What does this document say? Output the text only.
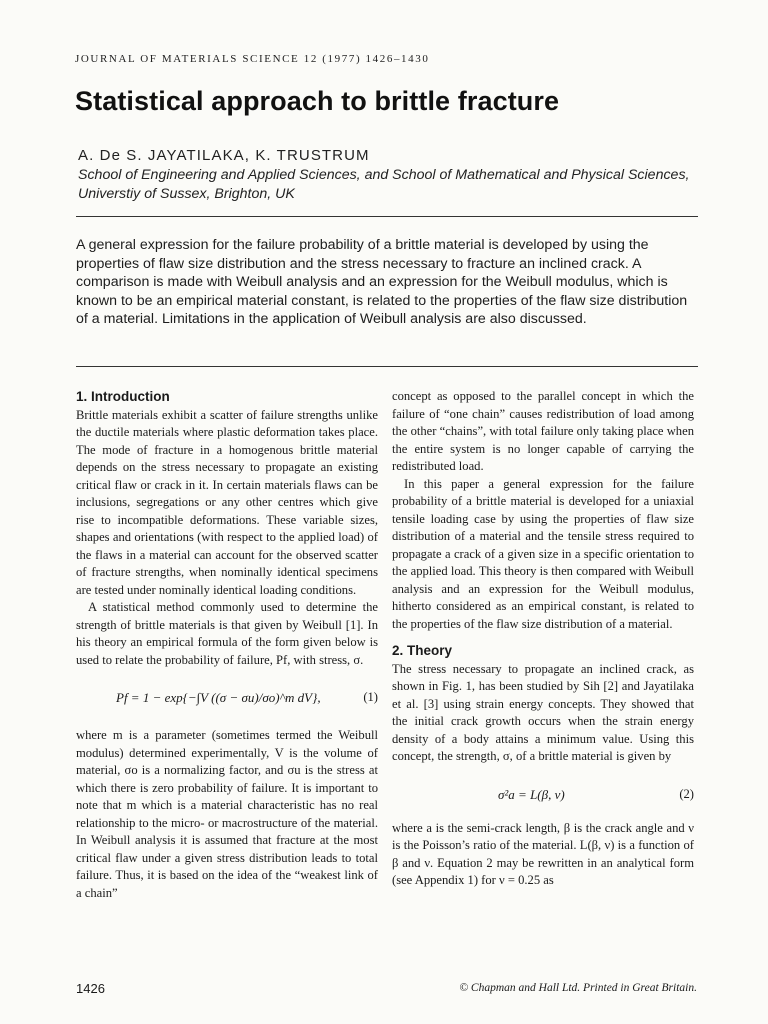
JOURNAL OF MATERIALS SCIENCE 12 (1977) 1426–1430
Statistical approach to brittle fracture
A. De S. JAYATILAKA, K. TRUSTRUM
School of Engineering and Applied Sciences, and School of Mathematical and Physical Sciences, Universtiy of Sussex, Brighton, UK
A general expression for the failure probability of a brittle material is developed by using the properties of flaw size distribution and the stress necessary to fracture an inclined crack. A comparison is made with Weibull analysis and an expression for the Weibull modulus, which is known to be an empirical material constant, is related to the properties of the flaw size distribution of a material. Limitations in the application of Weibull analysis are also discussed.
1. Introduction

Brittle materials exhibit a scatter of failure strengths unlike the ductile materials where plastic deformation takes place. The mode of fracture in a homogenous brittle material depends on the stress necessary to propagate an existing critical flaw or crack in it. In certain materials flaws can be inclusions, segregations or any other centres which give rise to incompatible deformations. These variable sizes, shapes and orientations (with respect to the applied load) of the flaws in a material can account for the observed scatter of fracture strengths, when nominally identical specimens are tested under nominally identical loading conditions.

A statistical method commonly used to determine the strength of brittle materials is that given by Weibull [1]. In his theory an empirical formula of the form given below is used to relate the probability of failure, Pf, with stress, σ.

Pf = 1 − exp{−∫V ((σ − σu)/σo)^m dV},	(1)

where m is a parameter (sometimes termed the Weibull modulus) determined experimentally, V is the volume of material, σo is a normalizing factor, and σu is the stress at which there is zero probability of failure. It is important to note that m which is a material characteristic has no real relationship to the micro- or macrostructure of the material. In Weibull analysis it is assumed that fracture at the most critical flaw under a given stress distribution leads to total failure. Thus, it is based on the idea of the “weakest link of a chain”

concept as opposed to the parallel concept in which the failure of “one chain” causes redistribution of load among the other “chains”, with total failure only taking place when the entire system is no longer capable of carrying the redistributed load.

In this paper a general expression for the failure probability of a brittle material is developed for a uniaxial tensile loading case by using the properties of flaw size distribution of a material and the tensile stress required to propagate a crack of a given size in a specific orientation to the applied load. This theory is then compared with Weibull analysis and an expression for the Weibull modulus, hitherto considered as an empirical constant, is related to the properties of the flaw size distribution of a material.

2. Theory

The stress necessary to propagate an inclined crack, as shown in Fig. 1, has been studied by Sih [2] and Jayatilaka et al. [3] using strain energy concepts. They showed that the initial crack growth occurs when the strain energy density of a body attains a minimum value. Using this concept, the strength, σ, of a brittle material is given by

σ²a = L(β, ν)	(2)

where a is the semi-crack length, β is the crack angle and ν is the Poisson’s ratio of the material. L(β, ν) is a function of β and ν. Equation 2 may be rewritten in an analytical form (see Appendix 1) for ν = 0.25 as

1426	© Chapman and Hall Ltd. Printed in Great Britain.
